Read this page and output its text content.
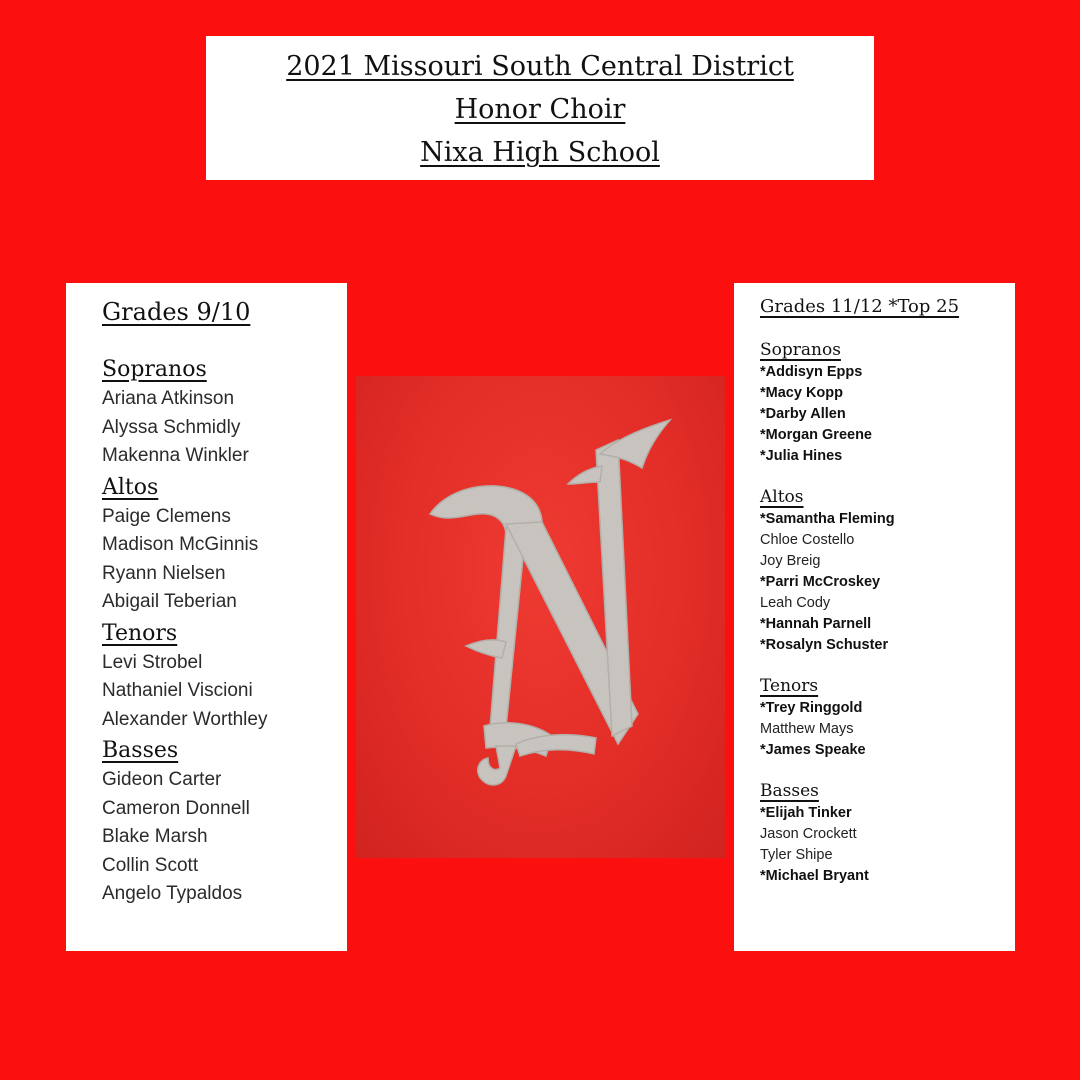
2021 Missouri South Central District
Honor Choir
Nixa High School
Grades 9/10
Sopranos
Ariana Atkinson
Alyssa Schmidly
Makenna Winkler
Altos
Paige Clemens
Madison McGinnis
Ryann Nielsen
Abigail Teberian
Tenors
Levi Strobel
Nathaniel Viscioni
Alexander Worthley
Basses
Gideon Carter
Cameron Donnell
Blake Marsh
Collin Scott
Angelo Typaldos
Grades 11/12 *Top 25
Sopranos
*Addisyn Epps
*Macy Kopp
*Darby Allen
*Morgan Greene
*Julia Hines
Altos
*Samantha Fleming
Chloe Costello
Joy Breig
*Parri McCroskey
Leah Cody
*Hannah Parnell
*Rosalyn Schuster
Tenors
*Trey Ringgold
Matthew Mays
*James Speake
Basses
*Elijah Tinker
Jason Crockett
Tyler Shipe
*Michael Bryant
